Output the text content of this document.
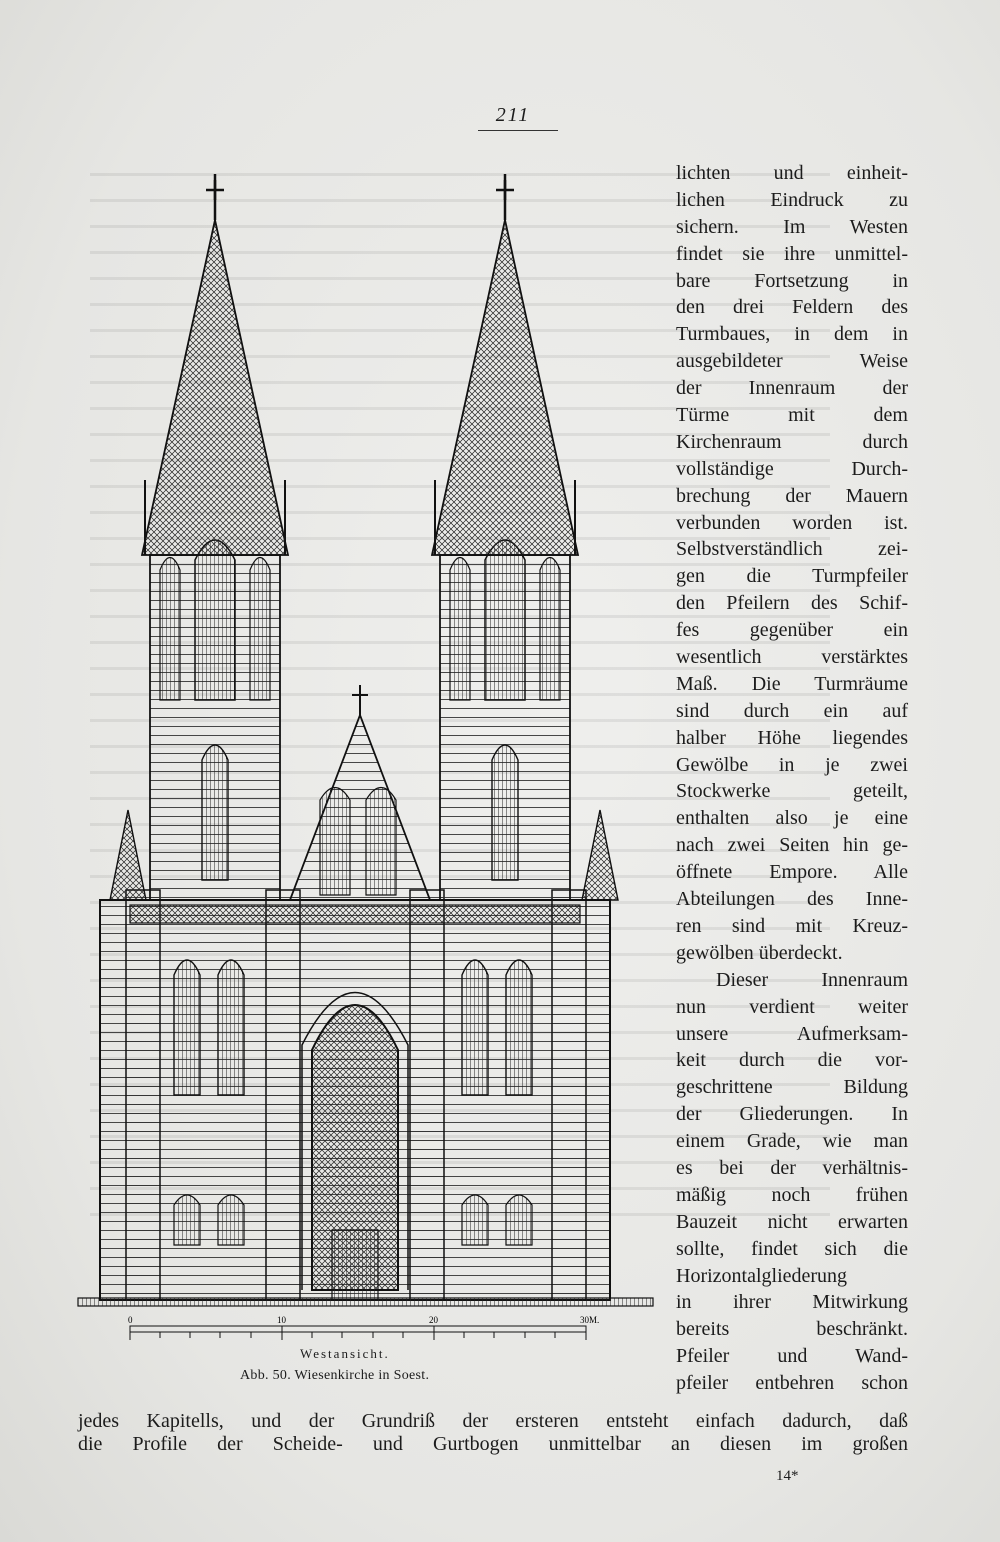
211
0	10	20	30M.
Westansicht.
Abb. 50. Wiesenkirche in Soest.
lichten und einheit-
lichen Eindruck zu
sichern. Im Westen
findet sie ihre unmittel-
bare Fortsetzung in
den drei Feldern des
Turmbaues, in dem in
ausgebildeter Weise
der Innenraum der
Türme mit dem
Kirchenraum durch
vollständige Durch-
brechung der Mauern
verbunden worden ist.
Selbstverständlich zei-
gen die Turmpfeiler
den Pfeilern des Schif-
fes gegenüber ein
wesentlich verstärktes
Maß. Die Turmräume
sind durch ein auf
halber Höhe liegendes
Gewölbe in je zwei
Stockwerke geteilt,
enthalten also je eine
nach zwei Seiten hin ge-
öffnete Empore. Alle
Abteilungen des Inne-
ren sind mit Kreuz-
gewölben überdeckt.
Dieser Innenraum
nun verdient weiter
unsere Aufmerksam-
keit durch die vor-
geschrittene Bildung
der Gliederungen. In
einem Grade, wie man
es bei der verhältnis-
mäßig noch frühen
Bauzeit nicht erwarten
sollte, findet sich die
Horizontalgliederung
in ihrer Mitwirkung
bereits beschränkt.
Pfeiler und Wand-
pfeiler entbehren schon
jedes Kapitells, und der Grundriß der ersteren entsteht einfach dadurch, daß
die Profile der Scheide- und Gurtbogen unmittelbar an diesen im großen
14*
